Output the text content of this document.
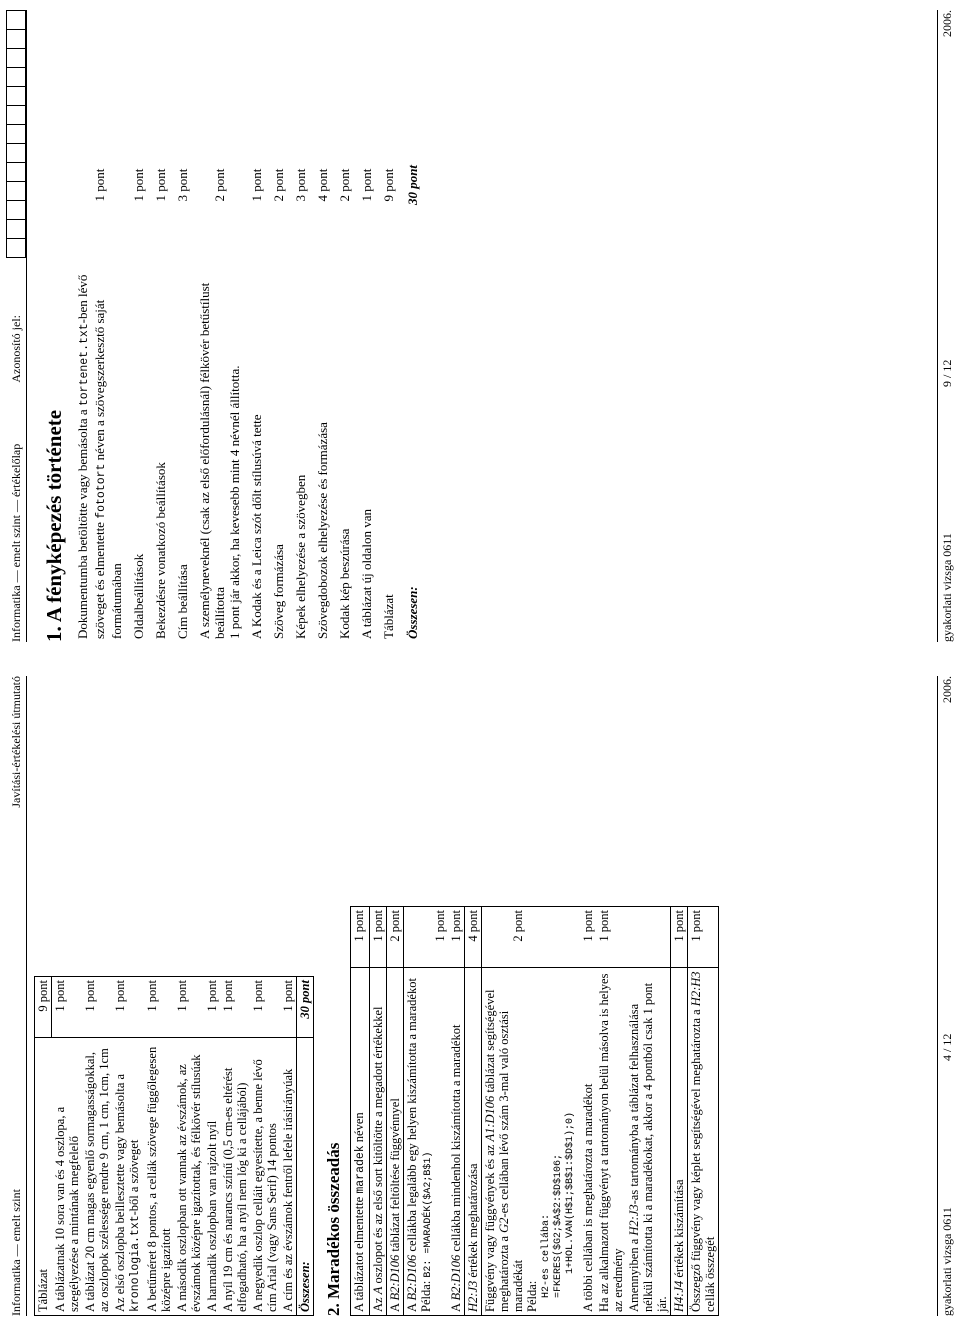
Informatika — emelt szint
Javítási-értékelési útmutató
Táblázat	9 pont
A táblázatnak 10 sora van és 4 oszlopa, a szegélyezése a mintának megfelelő	1 pont
A táblázat 20 cm magas egyenlő sormagasságokkal, az oszlopok szélessége rendre 9 cm, 1 cm, 1cm, 1cm	1 pont
Az első oszlopba beillesztette vagy bemásolta a kronologia.txt-ből a szöveget	1 pont
A betűméret 8 pontos, a cellák szövege függőlegesen középre igazított	1 pont
A második oszlopban ott vannak az évszámok, az évszámok középre igazítottak, és félkövér stílusúak	1 pont
A harmadik oszlopban van rajzolt nyíl	1 pont
A nyíl 19 cm és narancs színű (0,5 cm-es eltérést elfogadható, ha a nyíl nem lóg ki a cellájából)	1 pont
A negyedik oszlop celláit egyesítette, a benne lévő cím Arial (vagy Sans Serif) 14 pontos	1 pont
A cím és az évszámok fentről lefele irásirányúak	1 pont
Összesen:	30 pont
2. Maradékos összeadás A táblázatot elmentette maradek néven	1 pont
Az A oszlopot és az első sort kitöltötte a megadott értékekkel	1 pont
A B2:D106 táblázat feltöltése függvénnyel	2 pont
A B2:D106 cellákba legalább egy helyen kiszámította a maradékot
Példa: B2: =MARADÉK($A2;B$1)	1 pont
A B2:D106 cellákba mindenhol kiszámította a maradékot	1 pont
H2:J3 értékek meghatározása	4 pont
Függvény vagy függvények és az A1:D106 táblázat segítségével meghatározta a G2-es cellában lévő szám 3-mal való osztási maradékát
Példa: H2-es cellába:
=FKERES($G2;$A$2:$D$106;
1+HOL.VAN(H$1;$B$1:$D$1);0)	2 pont
A többi cellában is meghatározta a maradékot	1 pont
Ha az alkalmazott függvényt a tartományon belül másolva is helyes az eredmény	1 pont
Amennyiben a H2:J3-as tartományba a táblázat felhasználása nélkül számította ki a maradékokat, akkor a 4 pontból csak 1 pont jár.	
H4:J4 értékek kiszámítása	1 pont
Összegző függvény vagy képlet segítségével meghatározta a H2:H3 cellák összegét	1 pont
gyakorlati vizsga 0611
4 / 12
2006.
Informatika — emelt szint — értékelőlap
Azonosító jel:
1. A fényképezés története Dokumentumba betöltötte vagy bemásolta a tortenet.txt-ben lévő szöveget és elmentette fototort néven a szövegszerkesztő saját formátumában	1 pont
Oldalbeállítások	1 pont
Bekezdésre vonatkozó beállítások	1 pont
Cím beállítása	3 pont
A személyneveknél (csak az első előfordulásnál) félkövér betűstílust beállította
1 pont jár akkor, ha kevesebb mint 4 névnél állította.	2 pont
A Kodak és a Leica szót dőlt stílusúvá tette	1 pont
Szöveg formázása	2 pont
Képek elhelyezése a szövegben	3 pont
Szövegdobozok elhelyezése és formázása	4 pont
Kodak kép beszúrása	2 pont
A táblázat új oldalon van	1 pont
Táblázat	9 pont
Összesen:	30 pont
gyakorlati vizsga 0611
9 / 12
2006.
